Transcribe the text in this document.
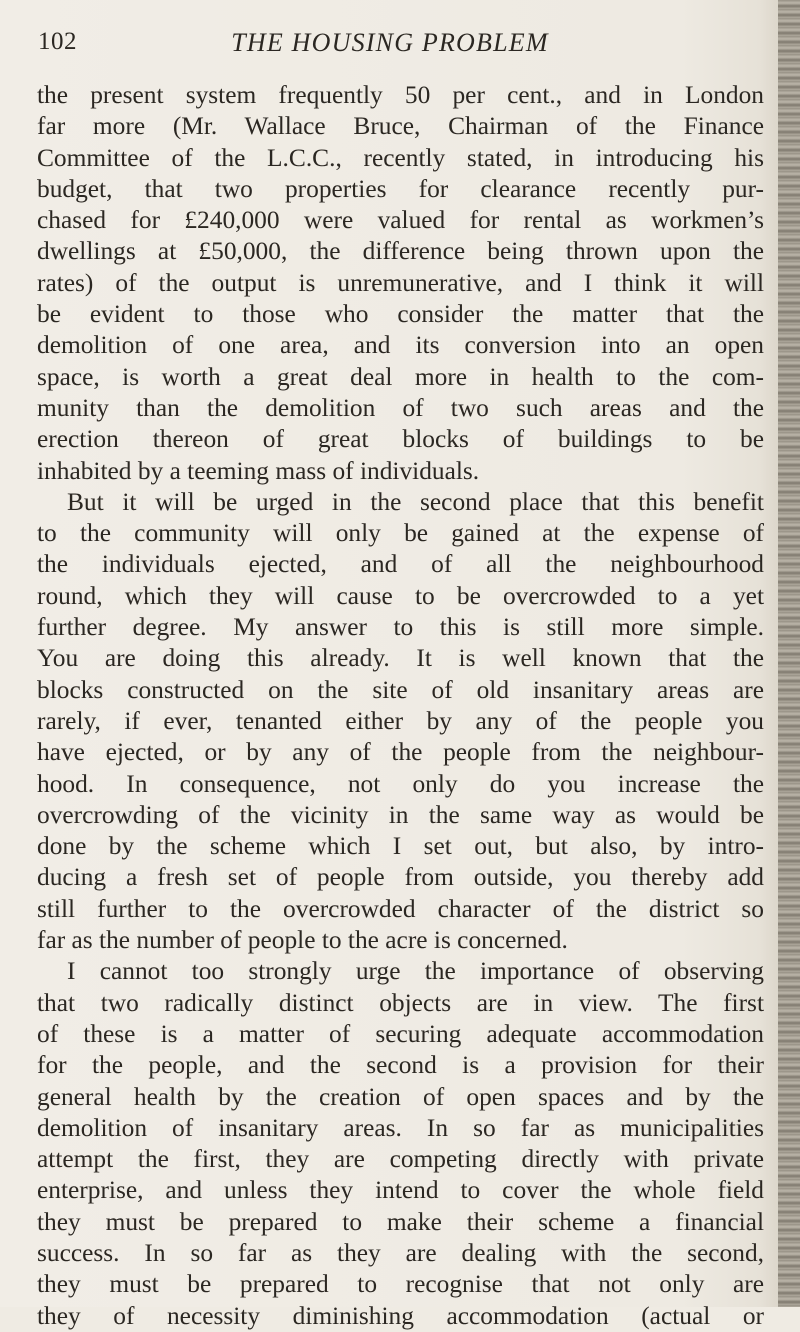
102	THE HOUSING PROBLEM
the present system frequently 50 per cent., and in London
far more (Mr. Wallace Bruce, Chairman of the Finance
Committee of the L.C.C., recently stated, in introducing his
budget, that two properties for clearance recently pur-
chased for £240,000 were valued for rental as workmen’s
dwellings at £50,000, the difference being thrown upon the
rates) of the output is unremunerative, and I think it will
be evident to those who consider the matter that the
demolition of one area, and its conversion into an open
space, is worth a great deal more in health to the com-
munity than the demolition of two such areas and the
erection thereon of great blocks of buildings to be
inhabited by a teeming mass of individuals.
But it will be urged in the second place that this benefit
to the community will only be gained at the expense of
the individuals ejected, and of all the neighbourhood
round, which they will cause to be overcrowded to a yet
further degree. My answer to this is still more simple.
You are doing this already. It is well known that the
blocks constructed on the site of old insanitary areas are
rarely, if ever, tenanted either by any of the people you
have ejected, or by any of the people from the neighbour-
hood. In consequence, not only do you increase the
overcrowding of the vicinity in the same way as would be
done by the scheme which I set out, but also, by intro-
ducing a fresh set of people from outside, you thereby add
still further to the overcrowded character of the district so
far as the number of people to the acre is concerned.
I cannot too strongly urge the importance of observing
that two radically distinct objects are in view. The first
of these is a matter of securing adequate accommodation
for the people, and the second is a provision for their
general health by the creation of open spaces and by the
demolition of insanitary areas. In so far as municipalities
attempt the first, they are competing directly with private
enterprise, and unless they intend to cover the whole field
they must be prepared to make their scheme a financial
success. In so far as they are dealing with the second,
they must be prepared to recognise that not only are
they of necessity diminishing accommodation (actual or
